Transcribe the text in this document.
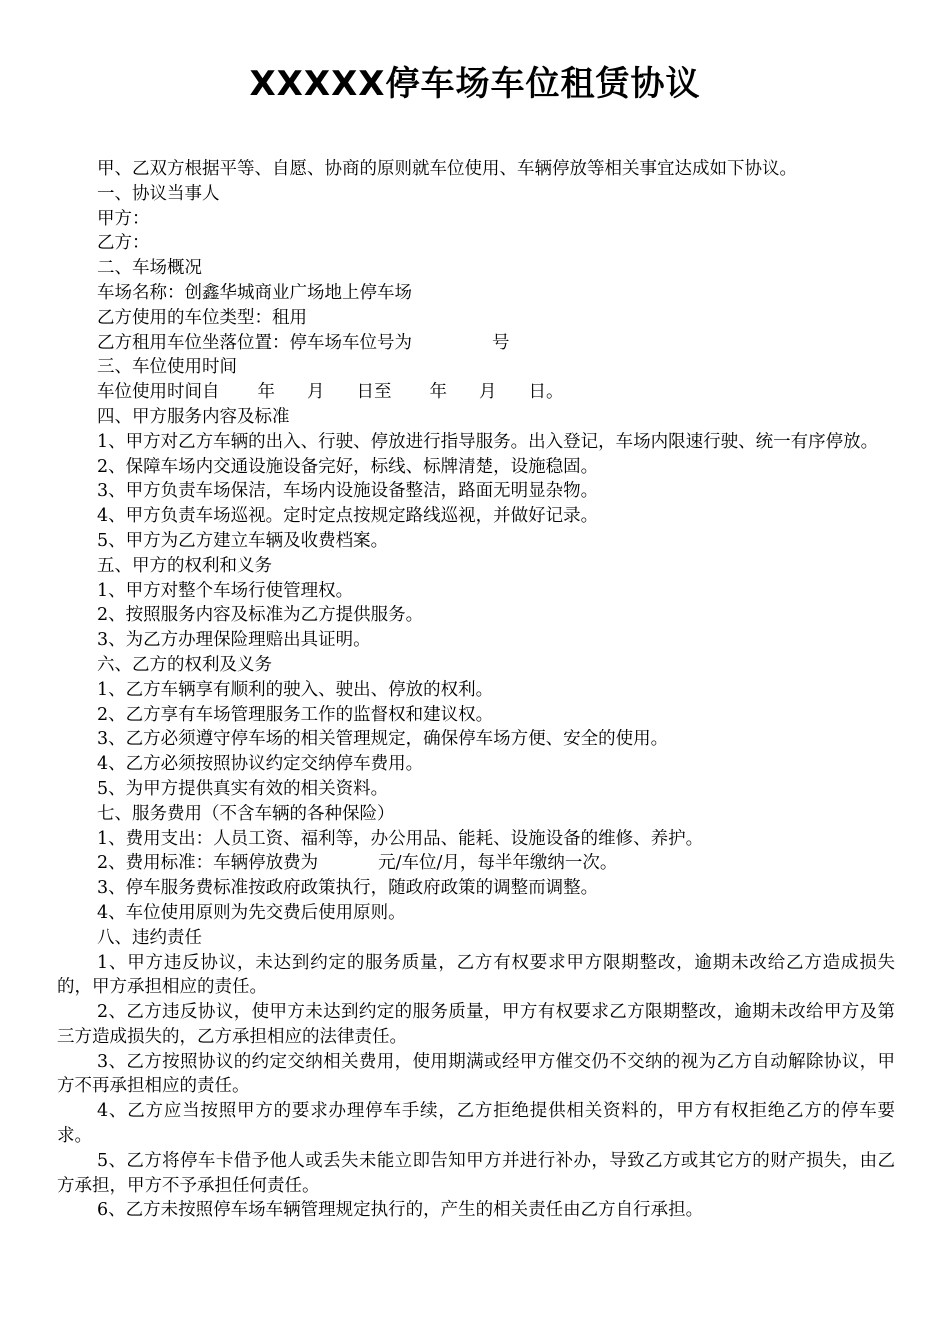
XXXXX停车场车位租赁协议

甲、乙双方根据平等、自愿、协商的原则就车位使用、车辆停放等相关事宜达成如下协议。

一、协议当事人

甲方：

乙方：

二、车场概况

车场名称：创鑫华城商业广场地上停车场

乙方使用的车位类型：租用

乙方租用车位坐落位置：停车场车位号为	号

三、车位使用时间

车位使用时间自 年 月 日至 年 月 日。

四、甲方服务内容及标准

1、甲方对乙方车辆的出入、行驶、停放进行指导服务。出入登记，车场内限速行驶、统一有序停放。

2、保障车场内交通设施设备完好，标线、标牌清楚，设施稳固。

3、甲方负责车场保洁，车场内设施设备整洁，路面无明显杂物。

4、甲方负责车场巡视。定时定点按规定路线巡视，并做好记录。

5、甲方为乙方建立车辆及收费档案。

五、甲方的权利和义务

1、甲方对整个车场行使管理权。

2、按照服务内容及标准为乙方提供服务。

3、为乙方办理保险理赔出具证明。

六、乙方的权利及义务

1、乙方车辆享有顺利的驶入、驶出、停放的权利。

2、乙方享有车场管理服务工作的监督权和建议权。

3、乙方必须遵守停车场的相关管理规定，确保停车场方便、安全的使用。

4、乙方必须按照协议约定交纳停车费用。

5、为甲方提供真实有效的相关资料。

七、服务费用（不含车辆的各种保险）

1、费用支出：人员工资、福利等，办公用品、能耗、设施设备的维修、养护。

2、费用标准：车辆停放费为	元/车位/月，每半年缴纳一次。

3、停车服务费标准按政府政策执行，随政府政策的调整而调整。

4、车位使用原则为先交费后使用原则。

八、违约责任

1、甲方违反协议，未达到约定的服务质量，乙方有权要求甲方限期整改，逾期未改给乙方造成损失的，甲方承担相应的责任。

2、乙方违反协议，使甲方未达到约定的服务质量，甲方有权要求乙方限期整改，逾期未改给甲方及第三方造成损失的，乙方承担相应的法律责任。

3、乙方按照协议的约定交纳相关费用，使用期满或经甲方催交仍不交纳的视为乙方自动解除协议，甲方不再承担相应的责任。

4、乙方应当按照甲方的要求办理停车手续，乙方拒绝提供相关资料的，甲方有权拒绝乙方的停车要求。

5、乙方将停车卡借予他人或丢失未能立即告知甲方并进行补办，导致乙方或其它方的财产损失，由乙方承担，甲方不予承担任何责任。

6、乙方未按照停车场车辆管理规定执行的，产生的相关责任由乙方自行承担。
